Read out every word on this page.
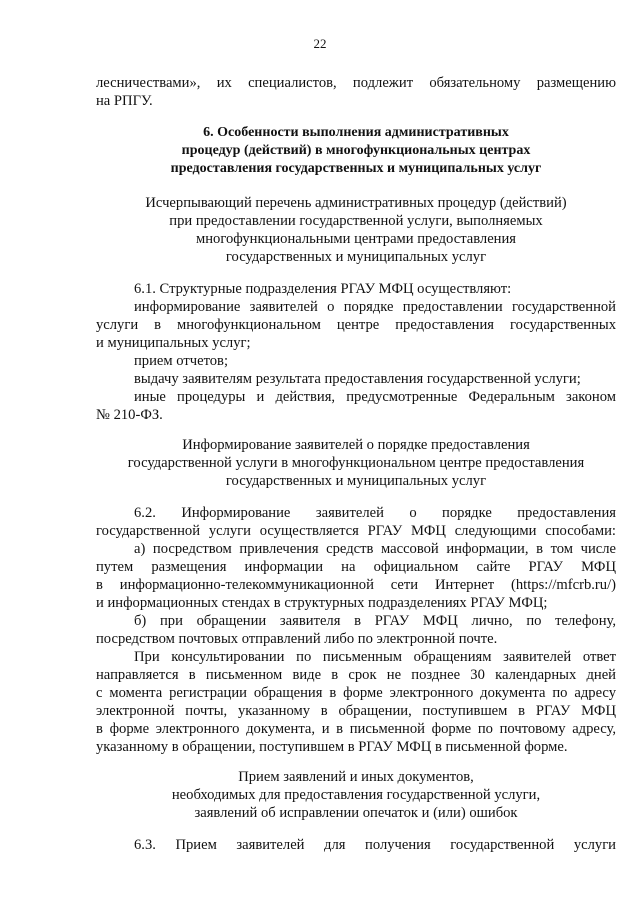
22
лесничествами», их специалистов, подлежит обязательному размещению
на РПГУ.
6. Особенности выполнения административных
процедур (действий) в многофункциональных центрах
предоставления государственных и муниципальных услуг
Исчерпывающий перечень административных процедур (действий)
при предоставлении государственной услуги, выполняемых
многофункциональными центрами предоставления
государственных и муниципальных услуг
6.1. Структурные подразделения РГАУ МФЦ осуществляют:
информирование заявителей о порядке предоставлении государственной
услуги в многофункциональном центре предоставления государственных
и муниципальных услуг;
прием отчетов;
выдачу заявителям результата предоставления государственной услуги;
иные процедуры и действия, предусмотренные Федеральным законом
№ 210-ФЗ.
Информирование заявителей о порядке предоставления
государственной услуги в многофункциональном центре предоставления
государственных и муниципальных услуг
6.2. Информирование заявителей о порядке предоставления
государственной услуги осуществляется РГАУ МФЦ следующими способами:
а) посредством привлечения средств массовой информации, в том числе
путем размещения информации на официальном сайте РГАУ МФЦ
в информационно-телекоммуникационной сети Интернет (https://mfcrb.ru/)
и информационных стендах в структурных подразделениях РГАУ МФЦ;
б) при обращении заявителя в РГАУ МФЦ лично, по телефону,
посредством почтовых отправлений либо по электронной почте.
При консультировании по письменным обращениям заявителей ответ
направляется в письменном виде в срок не позднее 30 календарных дней
с момента регистрации обращения в форме электронного документа по адресу
электронной почты, указанному в обращении, поступившем в РГАУ МФЦ
в форме электронного документа, и в письменной форме по почтовому адресу,
указанному в обращении, поступившем в РГАУ МФЦ в письменной форме.
Прием заявлений и иных документов,
необходимых для предоставления государственной услуги,
заявлений об исправлении опечаток и (или) ошибок
6.3. Прием заявителей для получения государственной услуги
